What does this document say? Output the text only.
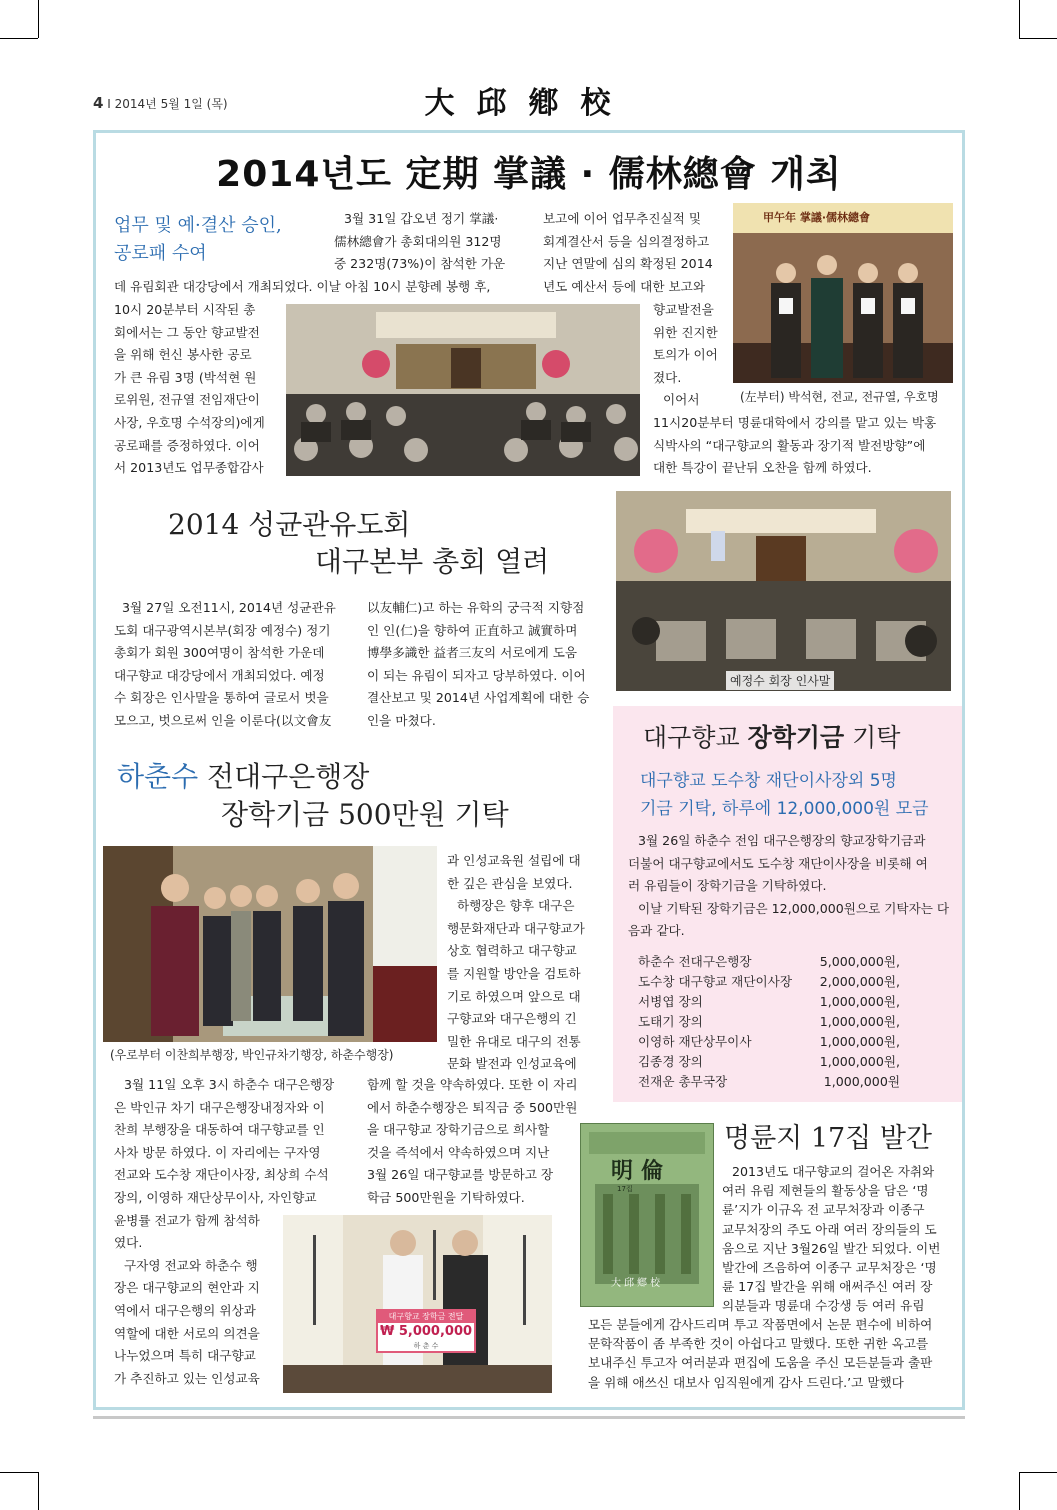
4 I 2014년 5월 1일 (목)	大邱鄕校
2014년도 定期 掌議 · 儒林總會 개최
업무 및 예·결산 승인,
공로패 수여
3월 31일 갑오년 정기 掌議·
儒林總會가 총회대의원 312명
중 232명(73%)이 참석한 가운
보고에 이어 업무추진실적 및
회계결산서 등을 심의결정하고
지난 연말에 심의 확정된 2014
년도 예산서 등에 대한 보고와
데 유림회관 대강당에서 개최되었다. 이날 아침 10시 분향례 봉행 후,
10시 20분부터 시작된 총
회에서는 그 동안 향교발전
을 위해 헌신 봉사한 공로
가 큰 유림 3명 (박석현 원
로위원, 전규열 전임재단이
사장, 우호명 수석장의)에게
공로패를 증정하였다. 이어
서 2013년도 업무종합감사
향교발전을
위한 진지한
토의가 이어
졌다.
이어서
甲午年 掌議·儒林總會
(左부터) 박석현, 전교, 전규열, 우호명
11시20분부터 명륜대학에서 강의를 맡고 있는 박홍
식박사의 “대구향교의 활동과 장기적 발전방향”에
대한 특강이 끝난뒤 오찬을 함께 하였다.
2014 성균관유도회
대구본부 총회 열려
3월 27일 오전11시, 2014년 성균관유
도회 대구광역시본부(회장 예정수) 정기
총회가 회원 300여명이 참석한 가운데
대구향교 대강당에서 개최되었다. 예정
수 회장은 인사말을 통하여 글로서 벗을
모으고, 벗으로써 인을 이룬다(以文會友
以友輔仁)고 하는 유학의 궁극적 지향점
인 인(仁)을 향하여 正直하고 誠實하며
博學多識한 益者三友의 서로에게 도움
이 되는 유림이 되자고 당부하였다. 이어
결산보고 및 2014년 사업계획에 대한 승
인을 마쳤다.
예정수 회장 인사말
하춘수 전대구은행장
장학기금 500만원 기탁
(우로부터 이찬희부행장, 박인규차기행장, 하춘수행장)
과 인성교육원 설립에 대
한 깊은 관심을 보였다.
하행장은 향후 대구은
행문화재단과 대구향교가
상호 협력하고 대구향교
를 지원할 방안을 검토하
기로 하였으며 앞으로 대
구향교와 대구은행의 긴
밀한 유대로 대구의 전통
문화 발전과 인성교육에
3월 11일 오후 3시 하춘수 대구은행장
은 박인규 차기 대구은행장내정자와 이
찬희 부행장을 대동하여 대구향교를 인
사차 방문 하였다. 이 자리에는 구자영
전교와 도수창 재단이사장, 최상희 수석
장의, 이영하 재단상무이사, 자인향교
윤병률 전교가 함께 참석하
였다.
구자영 전교와 하춘수 행
장은 대구향교의 현안과 지
역에서 대구은행의 위상과
역할에 대한 서로의 의견을
나누었으며 특히 대구향교
가 추진하고 있는 인성교육
함께 할 것을 약속하였다. 또한 이 자리
에서 하춘수행장은 퇴직금 중 500만원
을 대구향교 장학기금으로 희사할
것을 즉석에서 약속하였으며 지난
3월 26일 대구향교를 방문하고 장
학금 500만원을 기탁하였다.
대구향교 장학금 전달
₩ 5,000,000
하 춘 수
대구향교 장학기금 기탁
대구향교 도수창 재단이사장외 5명
기금 기탁, 하루에 12,000,000원 모금
3월 26일 하춘수 전임 대구은행장의 향교장학기금과
더불어 대구향교에서도 도수창 재단이사장을 비롯해 여
러 유림들이 장학기금을 기탁하였다.
이날 기탁된 장학기금은 12,000,000원으로 기탁자는 다
음과 같다.
하춘수 전대구은행장	5,000,000원,
도수창 대구향교 재단이사장 2,000,000원,
서병엽 장의	1,000,000원,
도태기 장의	1,000,000원,
이영하 재단상무이사	1,000,000원,
김종경 장의	1,000,000원,
전재운 총무국장	1,000,000원
明倫
17집
大邱鄕校
명륜지 17집 발간
2013년도 대구향교의 걸어온 자취와
여러 유림 제현들의 활동상을 담은 ‘명
륜’지가 이규옥 전 교무처장과 이종구
교무처장의 주도 아래 여러 장의들의 도
움으로 지난 3월26일 발간 되었다. 이번
발간에 즈음하여 이종구 교무처장은 ‘명
륜 17집 발간을 위해 애써주신 여러 장
의분들과 명륜대 수강생 등 여러 유림
모든 분들에게 감사드리며 투고 작품면에서 논문 편수에 비하여
문학작품이 좀 부족한 것이 아쉽다고 말했다. 또한 귀한 옥고를
보내주신 투고자 여러분과 편집에 도움을 주신 모든분들과 출판
을 위해 애쓰신 대보사 임직원에게 감사 드린다.’고 말했다
